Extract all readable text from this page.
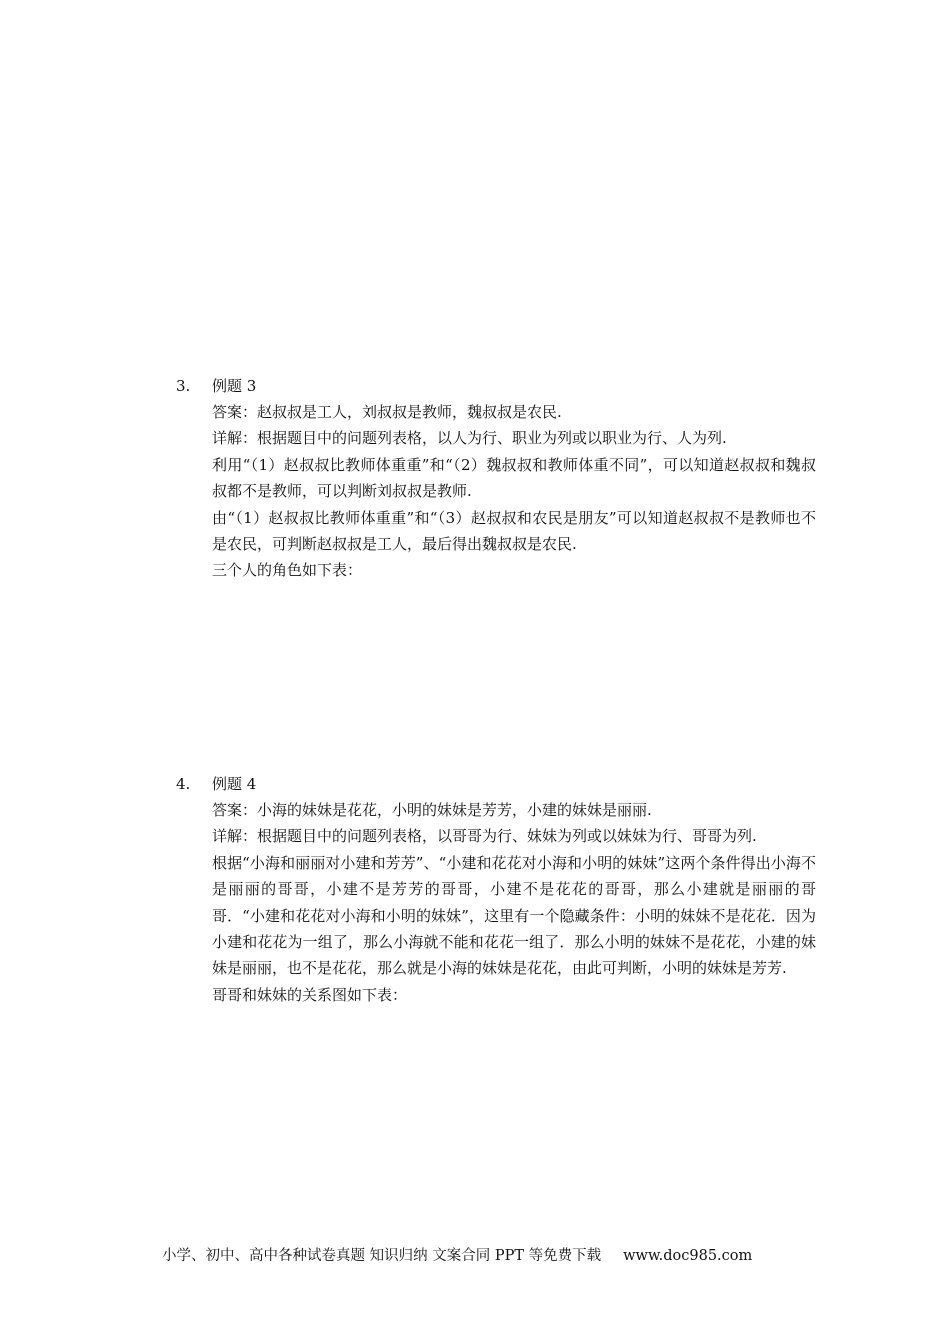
3. 例题 3

答案：赵叔叔是工人，刘叔叔是教师，魏叔叔是农民.

详解：根据题目中的问题列表格，以人为行、职业为列或以职业为行、人为列.

利用“（1）赵叔叔比教师体重重”和“（2）魏叔叔和教师体重不同”，可以知道赵叔叔和魏叔叔都不是教师，可以判断刘叔叔是教师.

由“（1）赵叔叔比教师体重重”和“（3）赵叔叔和农民是朋友”可以知道赵叔叔不是教师也不是农民，可判断赵叔叔是工人，最后得出魏叔叔是农民.

三个人的角色如下表：

4. 例题 4

答案：小海的妹妹是花花，小明的妹妹是芳芳，小建的妹妹是丽丽.

详解：根据题目中的问题列表格，以哥哥为行、妹妹为列或以妹妹为行、哥哥为列.

根据“小海和丽丽对小建和芳芳”、“小建和花花对小海和小明的妹妹”这两个条件得出小海不是丽丽的哥哥，小建不是芳芳的哥哥，小建不是花花的哥哥，那么小建就是丽丽的哥哥．“小建和花花对小海和小明的妹妹”，这里有一个隐藏条件：小明的妹妹不是花花．因为小建和花花为一组了，那么小海就不能和花花一组了．那么小明的妹妹不是花花，小建的妹妹是丽丽，也不是花花，那么就是小海的妹妹是花花，由此可判断，小明的妹妹是芳芳.

哥哥和妹妹的关系图如下表：

小学、初中、高中各种试卷真题 知识归纳 文案合同 PPT 等免费下载 www.doc985.com
